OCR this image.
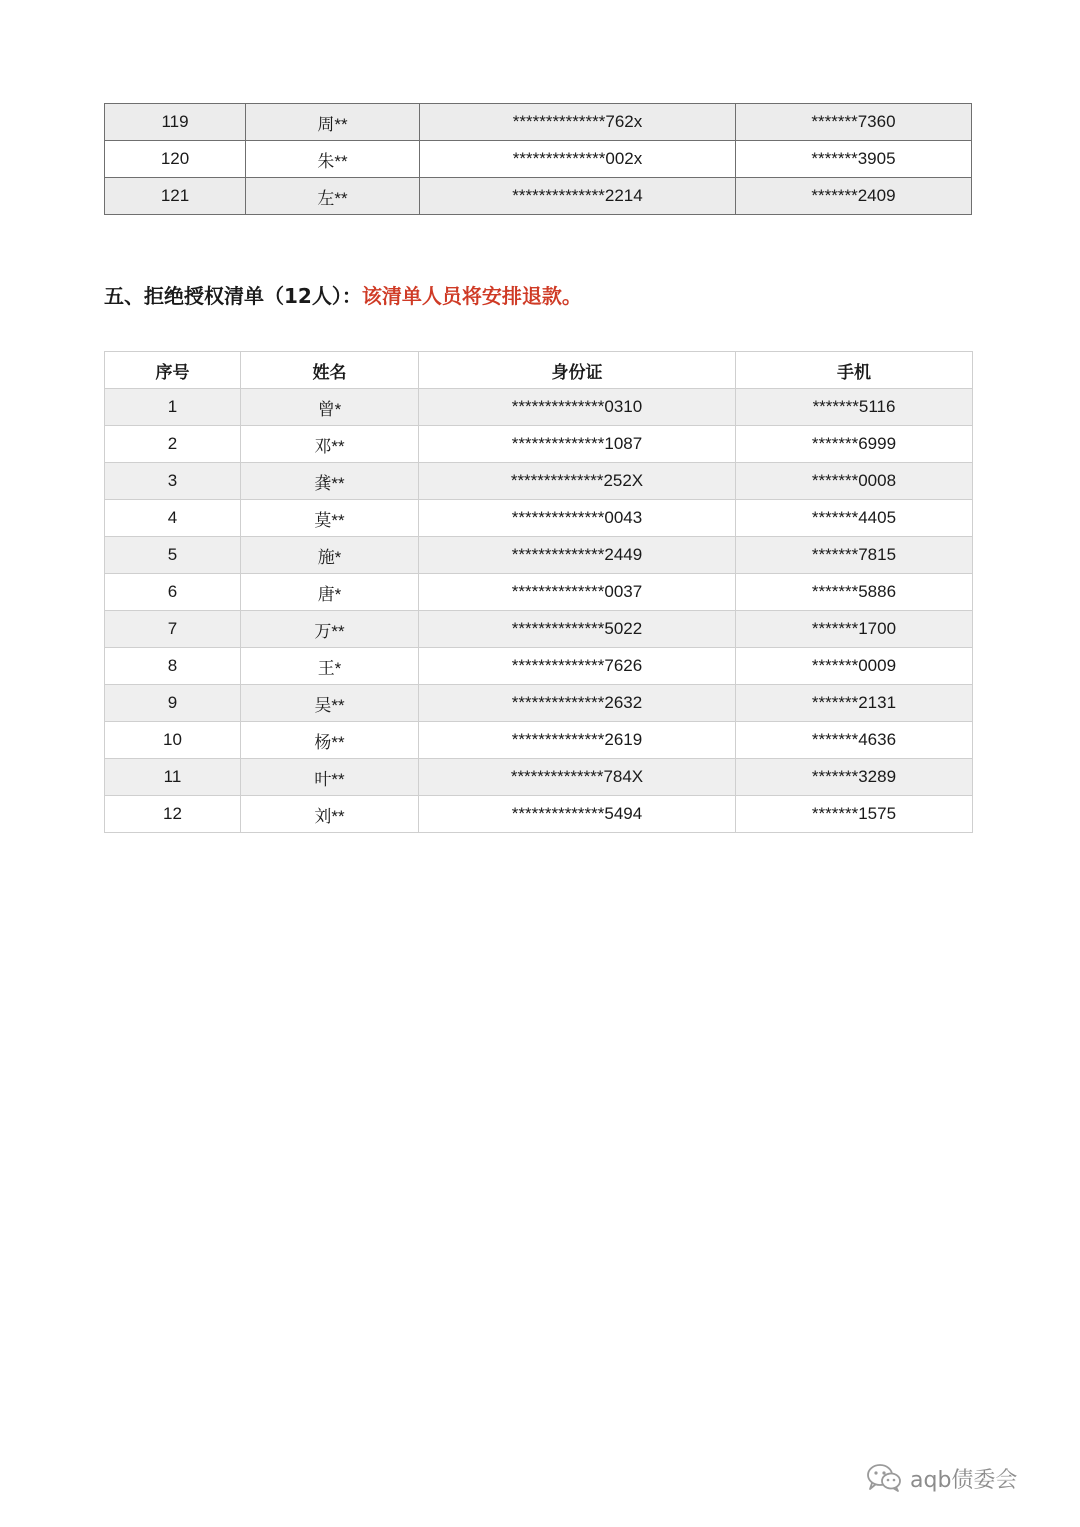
119	周**	**************762x	*******7360
120	朱**	**************002x	*******3905
121	左**	**************2214	*******2409
五、拒绝授权清单（12人）：该清单人员将安排退款。
序号	姓名	身份证	手机
1	曾*	**************0310	*******5116
2	邓**	**************1087	*******6999
3	龚**	**************252X	*******0008
4	莫**	**************0043	*******4405
5	施*	**************2449	*******7815
6	唐*	**************0037	*******5886
7	万**	**************5022	*******1700
8	王*	**************7626	*******0009
9	吴**	**************2632	*******2131
10	杨**	**************2619	*******4636
11	叶**	**************784X	*******3289
12	刘**	**************5494	*******1575
aqb债委会
